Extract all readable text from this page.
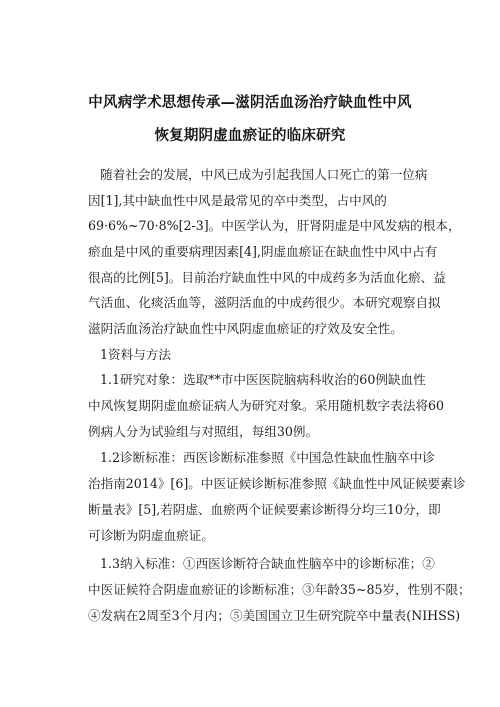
中风病学术思想传承—滋阴活血汤治疗缺血性中风
恢复期阴虚血瘀证的临床研究
随着社会的发展，中风已成为引起我国人口死亡的第一位病
因[1],其中缺血性中风是最常见的卒中类型，占中风的
69·6%~70·8%[2-3]。中医学认为，肝肾阴虚是中风发病的根本，
瘀血是中风的重要病理因素[4],阴虚血瘀证在缺血性中风中占有
很高的比例[5]。目前治疗缺血性中风的中成药多为活血化瘀、益
气活血、化痰活血等，滋阴活血的中成药很少。本研究观察自拟
滋阴活血汤治疗缺血性中风阴虚血瘀证的疗效及安全性。
1资料与方法
1.1研究对象：选取**市中医医院脑病科收治的60例缺血性
中风恢复期阴虚血瘀证病人为研究对象。采用随机数字表法将60
例病人分为试验组与对照组，每组30例。
1.2诊断标准：西医诊断标准参照《中国急性缺血性脑卒中诊
治指南2014》[6]。中医证候诊断标准参照《缺血性中风证候要素诊
断量表》[5],若阴虚、血瘀两个证候要素诊断得分均三10分，即
可诊断为阴虚血瘀证。
1.3纳入标准：①西医诊断符合缺血性脑卒中的诊断标准；②
中医证候符合阴虚血瘀证的诊断标准；③年龄35~85岁，性别不限；
④发病在2周至3个月内；⑤美国国立卫生研究院卒中量表(NIHSS)
